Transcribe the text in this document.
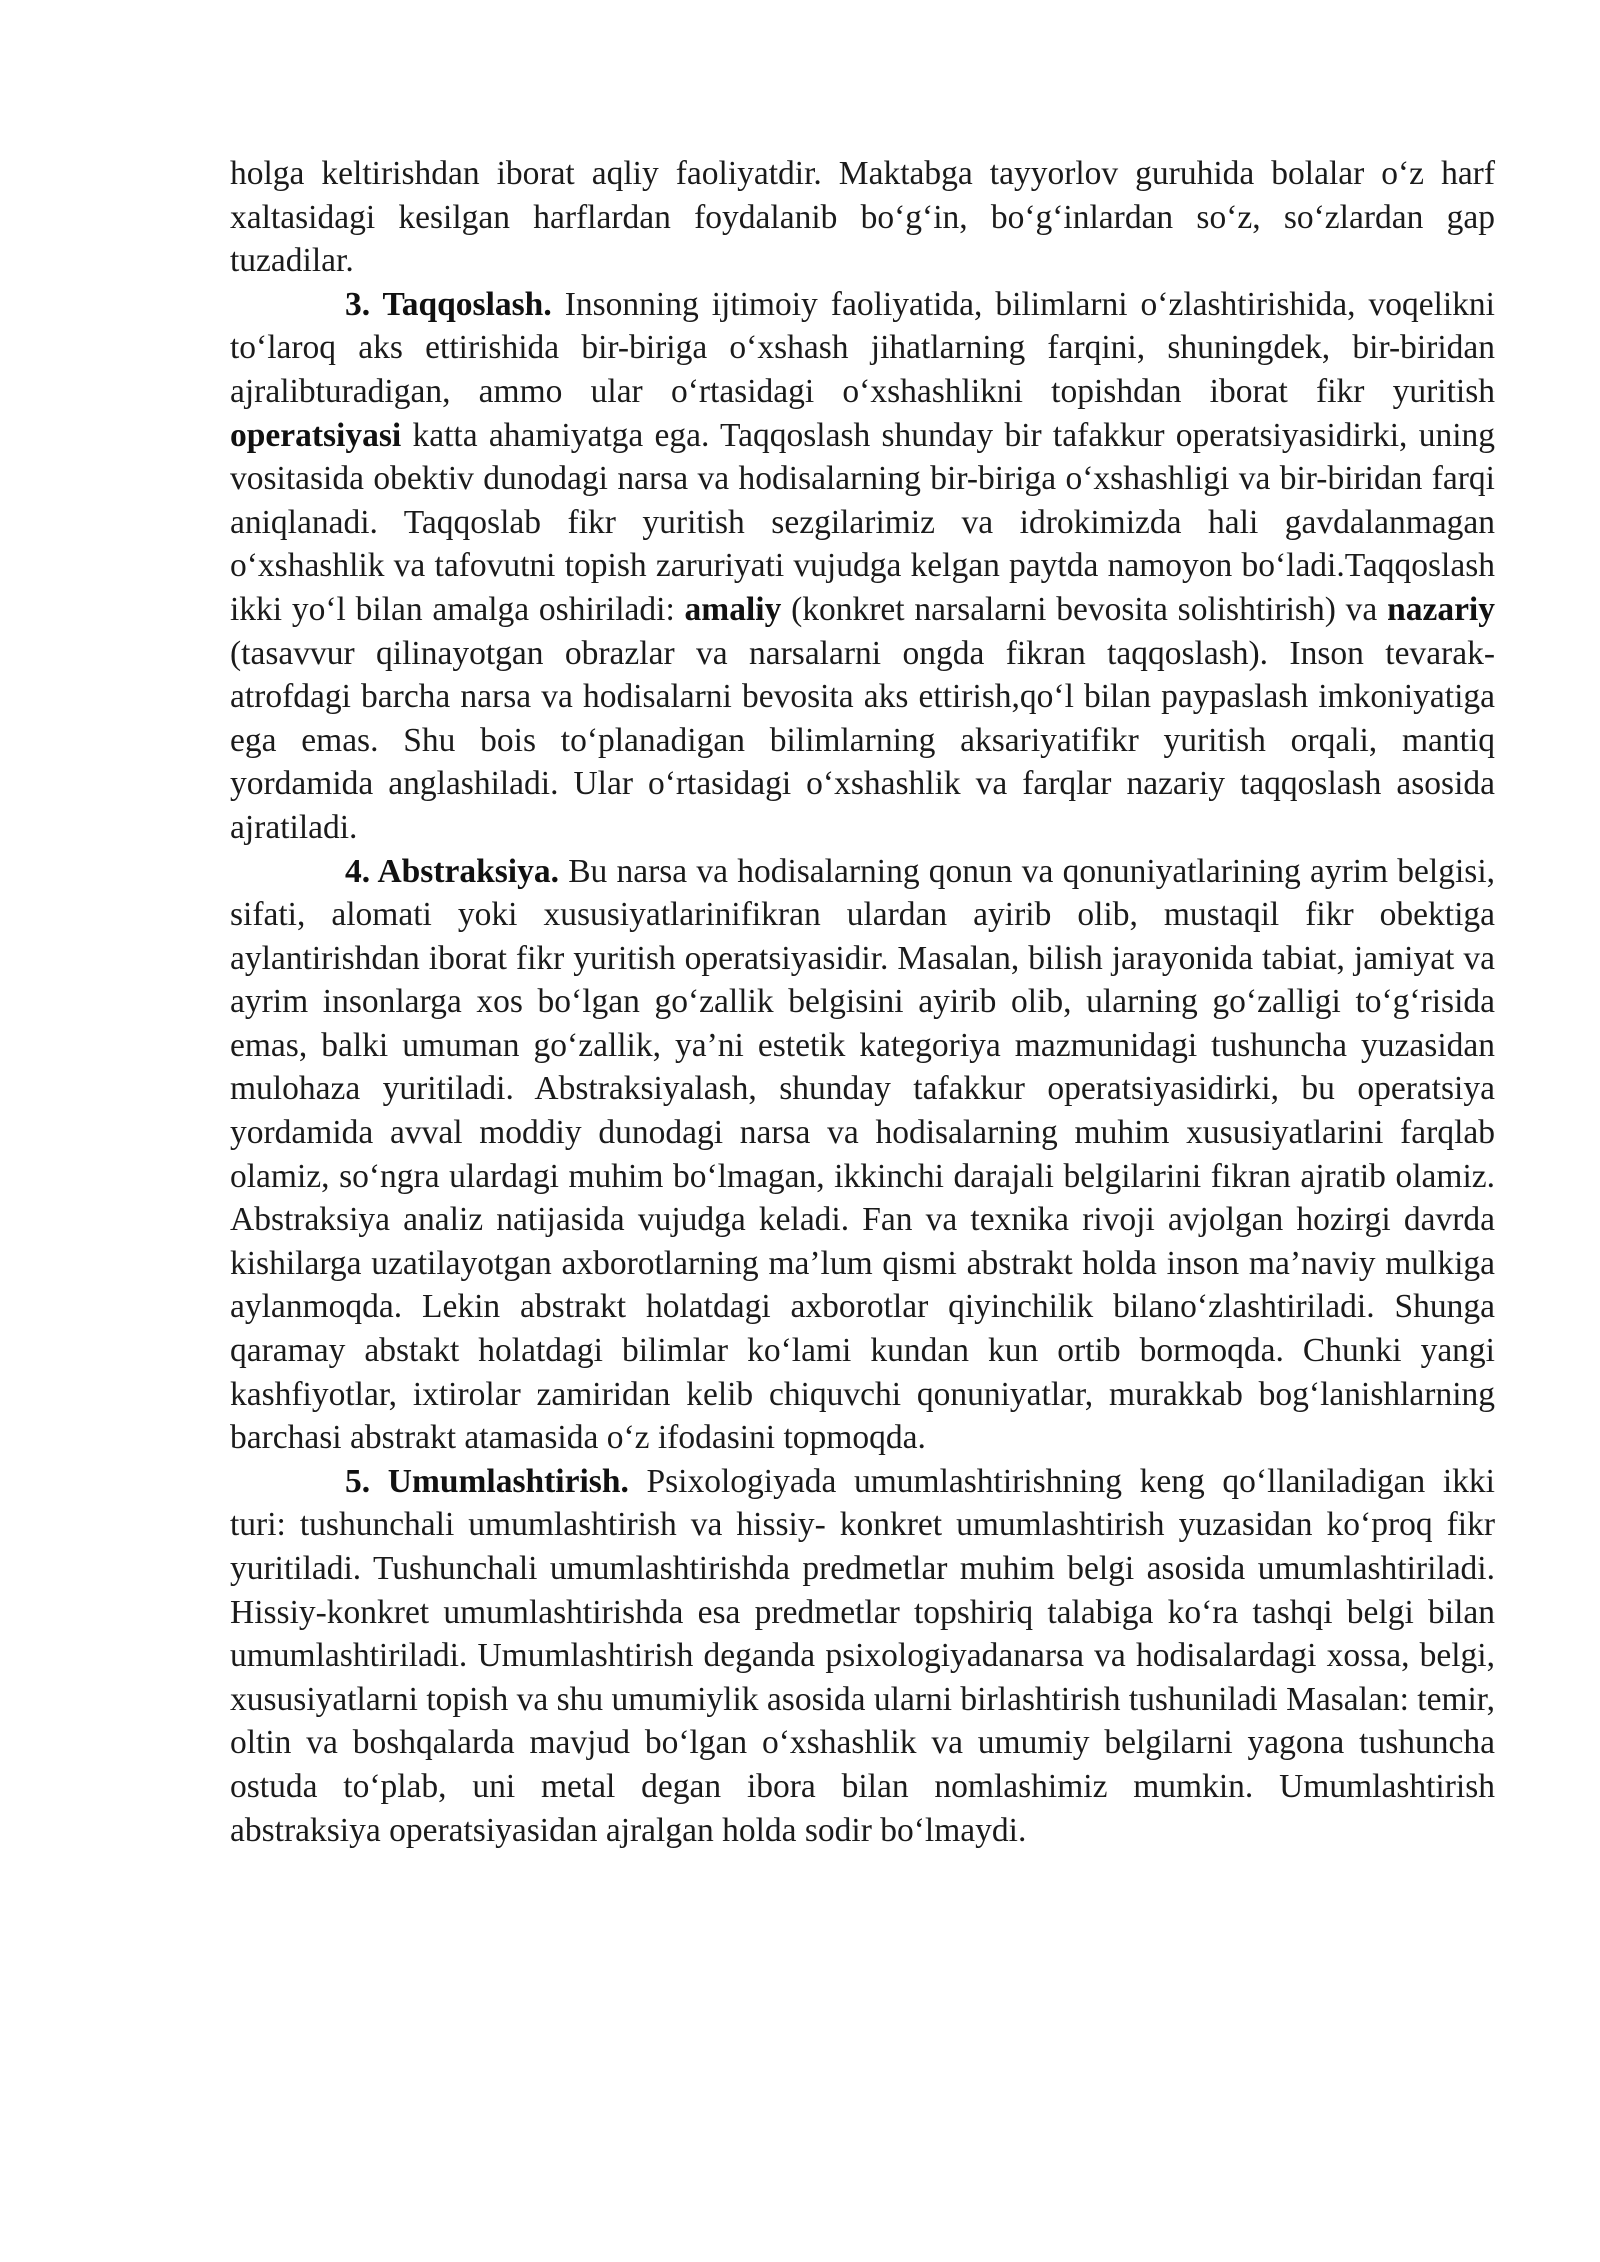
holga keltirishdan iborat aqliy faoliyatdir. Maktabga tayyorlov guruhida bolalar o‘z harf xaltasidagi kesilgan harflardan foydalanib bo‘g‘in, bo‘g‘inlardan so‘z, so‘zlardan gap tuzadilar.

3. Taqqoslash. Insonning ijtimoiy faoliyatida, bilimlarni o‘zlashtirishida, voqelikni to‘laroq aks ettirishida bir-biriga o‘xshash jihatlarning farqini, shuningdek, bir-biridan ajralibturadigan, ammo ular o‘rtasidagi o‘xshashlikni topishdan iborat fikr yuritish operatsiyasi katta ahamiyatga ega. Taqqoslash shunday bir tafakkur operatsiyasidirki, uning vositasida obektiv dunodagi narsa va hodisalarning bir-biriga o‘xshashligi va bir-biridan farqi aniqlanadi. Taqqoslab fikr yuritish sezgilarimiz va idrokimizda hali gavdalanmagan o‘xshashlik va tafovutni topish zaruriyati vujudga kelgan paytda namoyon bo‘ladi.Taqqoslash ikki yo‘l bilan amalga oshiriladi: amaliy (konkret narsalarni bevosita solishtirish) va nazariy (tasavvur qilinayotgan obrazlar va narsalarni ongda fikran taqqoslash). Inson tevarak- atrofdagi barcha narsa va hodisalarni bevosita aks ettirish,qo‘l bilan paypaslash imkoniyatiga ega emas. Shu bois to‘planadigan bilimlarning aksariyatifikr yuritish orqali, mantiq yordamida anglashiladi. Ular o‘rtasidagi o‘xshashlik va farqlar nazariy taqqoslash asosida ajratiladi.

4. Abstraksiya. Bu narsa va hodisalarning qonun va qonuniyatlarining ayrim belgisi, sifati, alomati yoki xususiyatlarinifikran ulardan ayirib olib, mustaqil fikr obektiga aylantirishdan iborat fikr yuritish operatsiyasidir. Masalan, bilish jarayonida tabiat, jamiyat va ayrim insonlarga xos bo‘lgan go‘zallik belgisini ayirib olib, ularning go‘zalligi to‘g‘risida emas, balki umuman go‘zallik, ya’ni estetik kategoriya mazmunidagi tushuncha yuzasidan mulohaza yuritiladi. Abstraksiyalash, shunday tafakkur operatsiyasidirki, bu operatsiya yordamida avval moddiy dunodagi narsa va hodisalarning muhim xususiyatlarini farqlab olamiz, so‘ngra ulardagi muhim bo‘lmagan, ikkinchi darajali belgilarini fikran ajratib olamiz. Abstraksiya analiz natijasida vujudga keladi. Fan va texnika rivoji avjolgan hozirgi davrda kishilarga uzatilayotgan axborotlarning ma’lum qismi abstrakt holda inson ma’naviy mulkiga aylanmoqda. Lekin abstrakt holatdagi axborotlar qiyinchilik bilano‘zlashtiriladi. Shunga qaramay abstakt holatdagi bilimlar ko‘lami kundan kun ortib bormoqda. Chunki yangi kashfiyotlar, ixtirolar zamiridan kelib chiquvchi qonuniyatlar, murakkab bog‘lanishlarning barchasi abstrakt atamasida o‘z ifodasini topmoqda.

5. Umumlashtirish. Psixologiyada umumlashtirishning keng qo‘llaniladigan ikki turi: tushunchali umumlashtirish va hissiy- konkret umumlashtirish yuzasidan ko‘proq fikr yuritiladi. Tushunchali umumlashtirishda predmetlar muhim belgi asosida umumlashtiriladi. Hissiy-konkret umumlashtirishda esa predmetlar topshiriq talabiga ko‘ra tashqi belgi bilan umumlashtiriladi. Umumlashtirish deganda psixologiyadanarsa va hodisalardagi xossa, belgi, xususiyatlarni topish va shu umumiylik asosida ularni birlashtirish tushuniladi Masalan: temir, oltin va boshqalarda mavjud bo‘lgan o‘xshashlik va umumiy belgilarni yagona tushuncha ostuda to‘plab, uni metal degan ibora bilan nomlashimiz mumkin. Umumlashtirish abstraksiya operatsiyasidan ajralgan holda sodir bo‘lmaydi.
